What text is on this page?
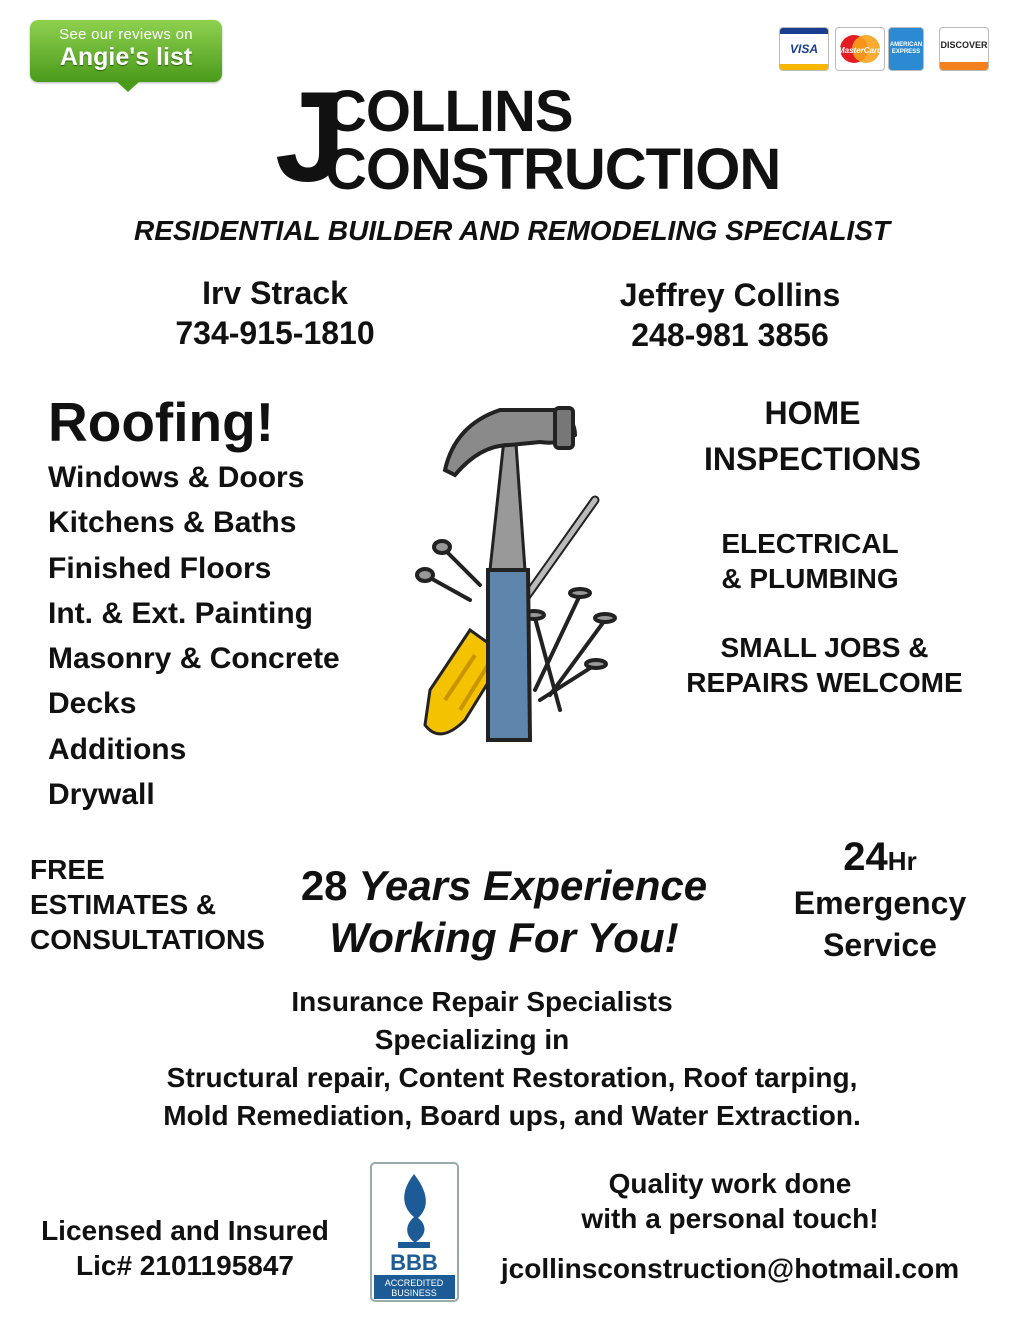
See our reviews on
Angie's list	VISA MasterCard
AMERICAN EXPRESS
DISCOVER
J
COLLINS
CONSTRUCTION
RESIDENTIAL BUILDER AND REMODELING SPECIALIST
Irv Strack
734-915-1810
Jeffrey Collins
248-981 3856
Roofing!
Windows & Doors
Kitchens & Baths
Finished Floors
Int. & Ext. Painting
Masonry & Concrete
Decks
Additions
Drywall
HOME
INSPECTIONS
ELECTRICAL
& PLUMBING
SMALL JOBS &
REPAIRS WELCOME
FREE
ESTIMATES &
CONSULTATIONS
28 Years Experience
Working For You!
24Hr
Emergency
Service
Insurance Repair Specialists
Specializing in
Structural repair, Content Restoration, Roof tarping,
Mold Remediation, Board ups, and Water Extraction.
Licensed and Insured
Lic# 2101195847	BBB
ACCREDITED
BUSINESS
Quality work done
with a personal touch!
jcollinsconstruction@hotmail.com
